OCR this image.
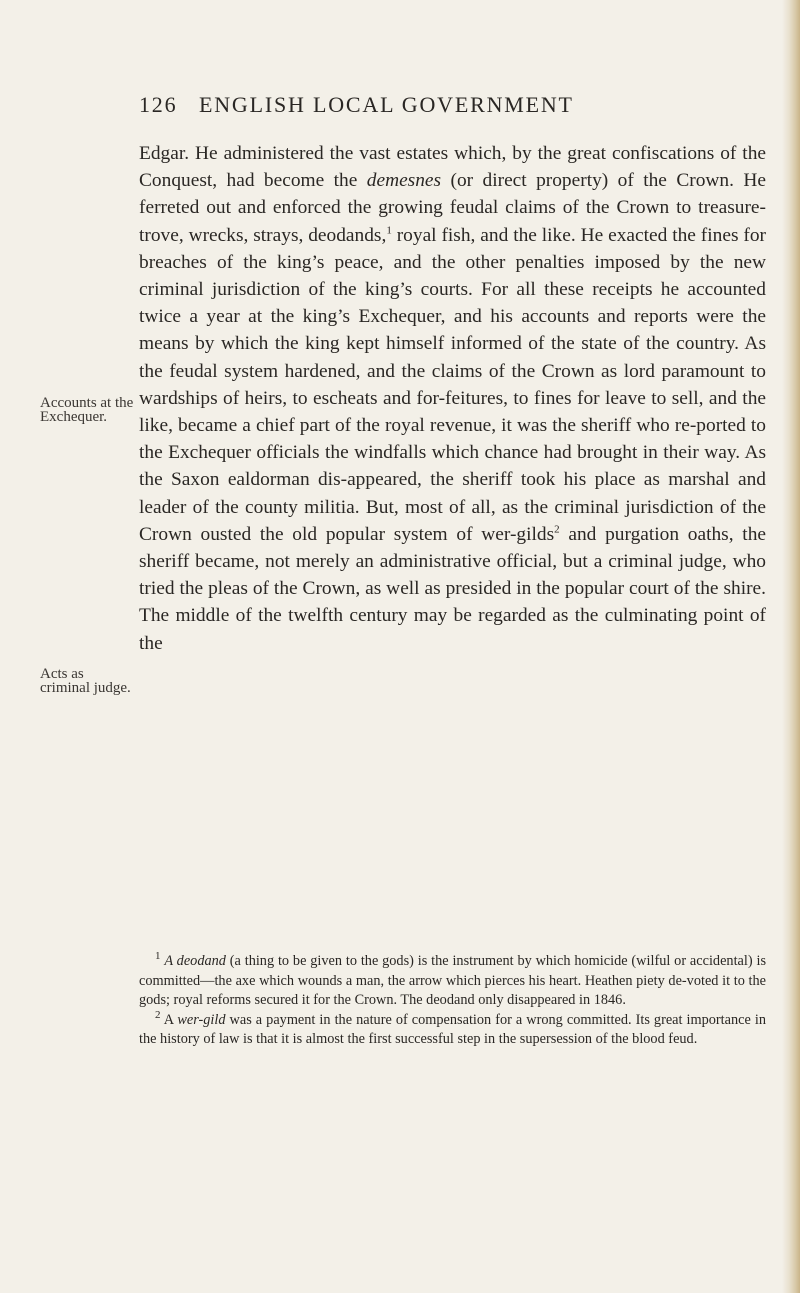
126 ENGLISH LOCAL GOVERNMENT
Accounts at the Exchequer.
Acts as criminal judge.

Edgar. He administered the vast estates which, by the great confiscations of the Conquest, had become the demesnes (or direct property) of the Crown. He ferreted out and enforced the growing feudal claims of the Crown to treasure-trove, wrecks, strays, deodands,$^1$ royal fish, and the like. He exacted the fines for breaches of the king’s peace, and the other penalties imposed by the new criminal jurisdiction of the king’s courts. For all these receipts he accounted twice a year at the king’s Exchequer, and his accounts and reports were the means by which the king kept himself informed of the state of the country. As the feudal system hardened, and the claims of the Crown as lord paramount to wardships of heirs, to escheats and for-feitures, to fines for leave to sell, and the like, became a chief part of the royal revenue, it was the sheriff who re-ported to the Exchequer officials the windfalls which chance had brought in their way. As the Saxon ealdorman dis-appeared, the sheriff took his place as marshal and leader of the county militia. But, most of all, as the criminal jurisdiction of the Crown ousted the old popular system of wer-gilds$^2$ and purgation oaths, the sheriff became, not merely an administrative official, but a criminal judge, who tried the pleas of the Crown, as well as presided in the popular court of the shire. The middle of the twelfth century may be regarded as the culminating point of the

$^1$ A deodand (a thing to be given to the gods) is the instrument by which homicide (wilful or accidental) is committed—the axe which wounds a man, the arrow which pierces his heart. Heathen piety de-voted it to the gods; royal reforms secured it for the Crown. The deodand only disappeared in 1846.

$^2$ A wer-gild was a payment in the nature of compensation for a wrong committed. Its great importance in the history of law is that it is almost the first successful step in the supersession of the blood feud.
